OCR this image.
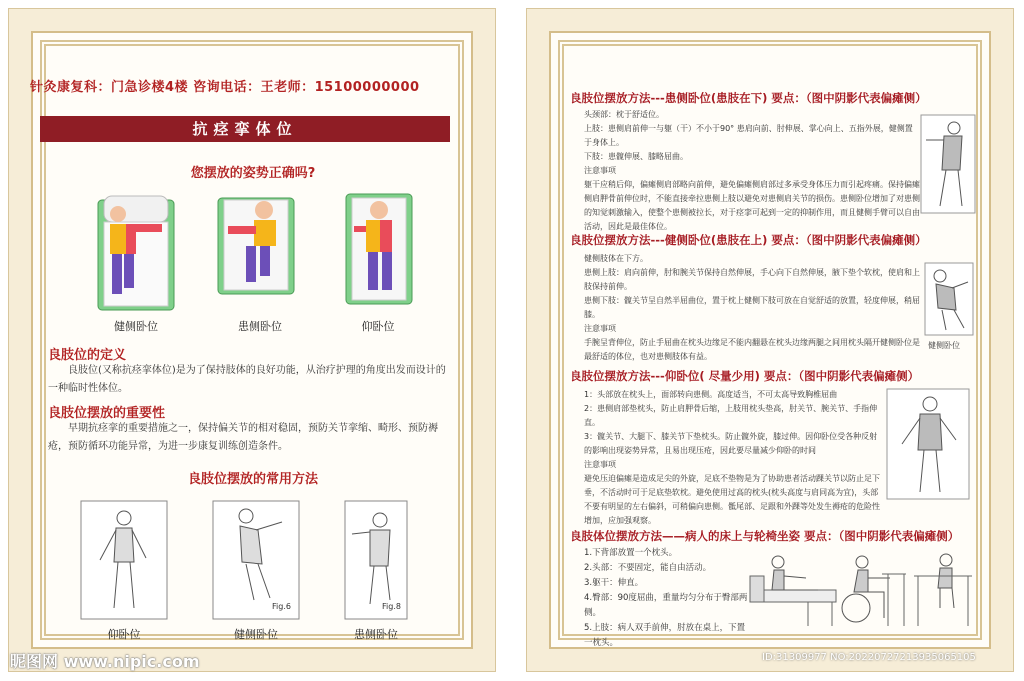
针灸康复科：门急诊楼4楼 咨询电话：王老师：15100000000
抗痉挛体位
您摆放的姿势正确吗?
健侧卧位	患侧卧位	仰卧位
良肢位的定义
良肢位(又称抗痉挛体位)是为了保持肢体的良好功能，从治疗护理的角度出发而设计的一种临时性体位。
良肢位摆放的重要性
早期抗痉挛的重要措施之一，保持偏关节的相对稳固，预防关节挛缩、畸形、预防褥疮，预防循环功能异常，为进一步康复训练创造条件。
良肢位摆放的常用方法
Fig.6	Fig.8
仰卧位	健侧卧位	患侧卧位
良肢位摆放方法---患侧卧位(患肢在下) 要点：（图中阴影代表偏瘫侧）

头颈部：枕于舒适位。

上肢：患侧肩前伸一与躯（干）不小于90° 患肩向前、肘伸展、掌心向上、五指外展，健侧置于身体上。

下肢：患髋伸展、膝略屈曲。

注意事项

躯干应稍后仰，偏瘫侧肩部略向前伸，避免偏瘫侧肩部过多承受身体压力而引起疼痛。保持偏瘫侧肩胛骨前伸位时，不能直接牵拉患侧上肢以避免对患侧肩关节的损伤。患侧卧位增加了对患侧的知觉刺激输入，使整个患侧被拉长，对于痉挛可起到一定的抑制作用，而且健侧手臂可以自由活动，因此是最佳体位。

良肢位摆放方法---健侧卧位(患肢在上) 要点：（图中阴影代表偏瘫侧）

健侧肢体在下方。

患侧上肢：肩向前伸，肘和腕关节保持自然伸展，手心向下自然伸展，腋下垫个软枕，使肩和上肢保持前伸。

患侧下肢：髋关节呈自然半屈曲位，置于枕上健侧下肢可放在自觉舒适的放置，轻度伸展，稍屈膝。

注意事项

手腕呈背伸位，防止手屈曲在枕头边缘足不能内翻悬在枕头边缘两腿之间用枕头隔开健侧卧位是最舒适的体位，也对患侧肢体有益。

健侧卧位
良肢位摆放方法---仰卧位( 尽量少用) 要点：（图中阴影代表偏瘫侧）

1：头部放在枕头上，面部转向患侧。高度适当，不可太高导致胸椎屈曲

2：患侧肩部垫枕头，防止肩胛骨后缩，上肢用枕头垫高，肘关节、腕关节、手指伸直。

3：髋关节、大腿下、膝关节下垫枕头。防止髋外旋，膝过伸。因仰卧位受各种反射的影响出现姿势异常，且易出现压疮，因此要尽量减少仰卧的时间

注意事项

避免压迫偏瘫是造成足尖的外旋，足底不垫物是为了协助患者活动踝关节以防止足下垂，不活动时可于足底垫软枕。避免使用过高的枕头(枕头高度与肩同高为宜)，头部不要有明显的左右偏斜，可稍偏向患侧。骶尾部、足跟和外踝等处发生褥疮的危险性增加，应加强观察。

良肢体位摆放方法——病人的床上与轮椅坐姿 要点：（图中阴影代表偏瘫侧）

1.下背部放置一个枕头。

2.头部：不要固定，能自由活动。

3.躯干：伸直。

4.臀部：90度屈曲，重量均匀分布于臀部两侧。

5.上肢：病人双手前伸，肘放在桌上，下置一枕头。

昵图网 www.nipic.com	ID:31309977 NO:20220727213935065105
